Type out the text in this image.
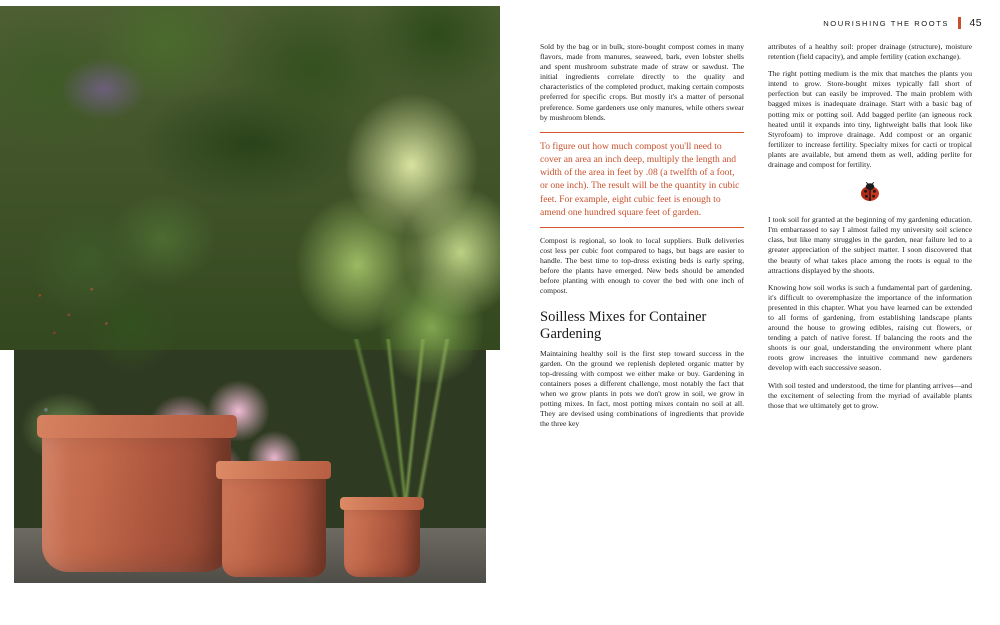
When you grow plants in containers, the challenge becomes picking the right potting mix.
NOURISHING THE ROOTS 45

Sold by the bag or in bulk, store-bought compost comes in many flavors, made from manures, seaweed, bark, even lobster shells and spent mushroom substrate made of straw or sawdust. The initial ingredients correlate directly to the quality and characteristics of the completed product, making certain composts preferred for specific crops. But mostly it's a matter of personal preference. Some gardeners use only manures, while others swear by mushroom blends.

To figure out how much compost you'll need to cover an area an inch deep, multiply the length and width of the area in feet by .08 (a twelfth of a foot, or one inch). The result will be the quantity in cubic feet. For example, eight cubic feet is enough to amend one hundred square feet of garden.

Compost is regional, so look to local suppliers. Bulk deliveries cost less per cubic foot compared to bags, but bags are easier to handle. The best time to top-dress existing beds is early spring, before the plants have emerged. New beds should be amended before planting with enough to cover the bed with one inch of compost.

Soilless Mixes for Container Gardening

Maintaining healthy soil is the first step toward success in the garden. On the ground we replenish depleted organic matter by top-dressing with compost we either make or buy. Gardening in containers poses a different challenge, most notably the fact that when we grow plants in pots we don't grow in soil, we grow in potting mixes. In fact, most potting mixes contain no soil at all. They are devised using combinations of ingredients that provide the three key

attributes of a healthy soil: proper drainage (structure), moisture retention (field capacity), and ample fertility (cation exchange).

The right potting medium is the mix that matches the plants you intend to grow. Store-bought mixes typically fall short of perfection but can easily be improved. The main problem with bagged mixes is inadequate drainage. Start with a basic bag of potting mix or potting soil. Add bagged perlite (an igneous rock heated until it expands into tiny, lightweight balls that look like Styrofoam) to improve drainage. Add compost or an organic fertilizer to increase fertility. Specialty mixes for cacti or tropical plants are available, but amend them as well, adding perlite for drainage and compost for fertility.

I took soil for granted at the beginning of my gardening education. I'm embarrassed to say I almost failed my university soil science class, but like many struggles in the garden, near failure led to a greater appreciation of the subject matter. I soon discovered that the beauty of what takes place among the roots is equal to the attractions displayed by the shoots.

Knowing how soil works is such a fundamental part of gardening, it's difficult to overemphasize the importance of the information presented in this chapter. What you have learned can be extended to all forms of gardening, from establishing landscape plants around the house to growing edibles, raising cut flowers, or tending a patch of native forest. If balancing the roots and the shoots is our goal, understanding the environment where plant roots grow increases the intuitive command new gardeners develop with each successive season.

With soil tested and understood, the time for planting arrives—and the excitement of selecting from the myriad of available plants those that we ultimately get to grow.
